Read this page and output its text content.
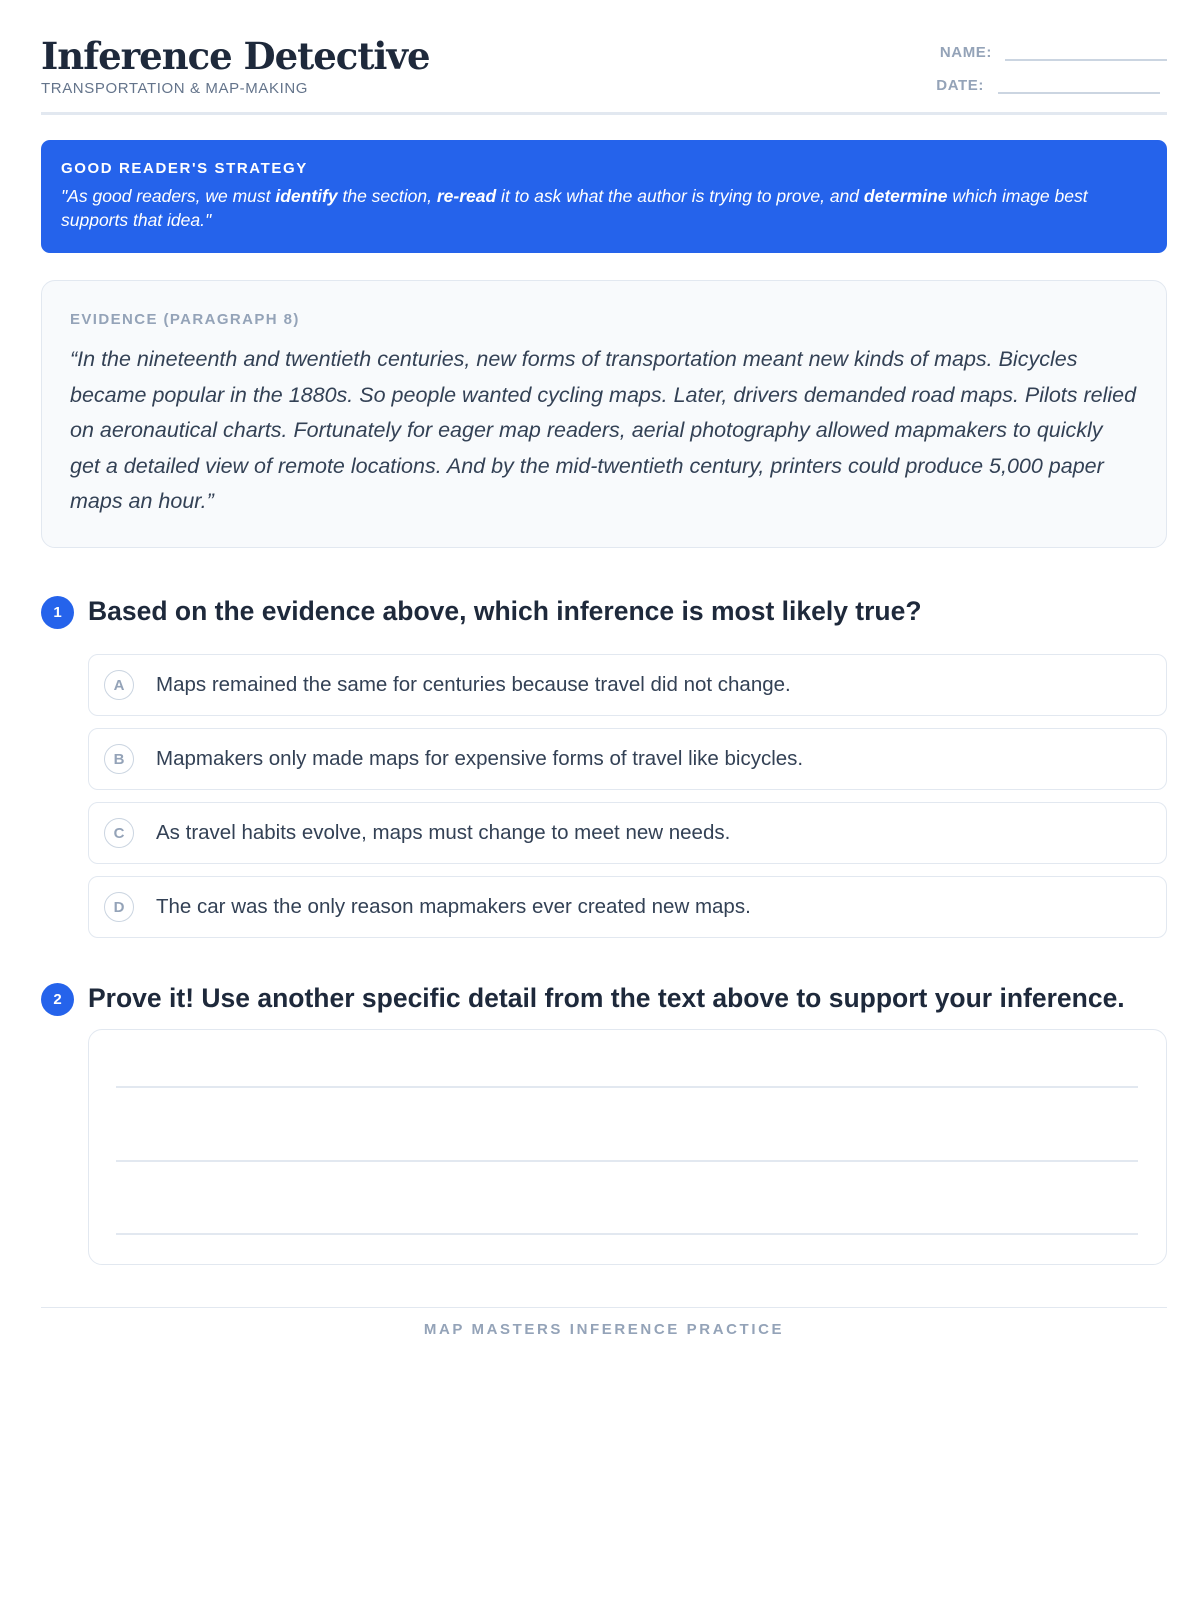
Inference Detective
TRANSPORTATION & MAP-MAKING
NAME:
DATE:
GOOD READER'S STRATEGY
"As good readers, we must identify the section, re-read it to ask what the author is trying to prove, and determine which image best supports that idea."
EVIDENCE (PARAGRAPH 8)
“In the nineteenth and twentieth centuries, new forms of transportation meant new kinds of maps. Bicycles became popular in the 1880s. So people wanted cycling maps. Later, drivers demanded road maps. Pilots relied on aeronautical charts. Fortunately for eager map readers, aerial photography allowed mapmakers to quickly get a detailed view of remote locations. And by the mid-twentieth century, printers could produce 5,000 paper maps an hour.”
1 Based on the evidence above, which inference is most likely true?
A	Maps remained the same for centuries because travel did not change.
B	Mapmakers only made maps for expensive forms of travel like bicycles.
C	As travel habits evolve, maps must change to meet new needs.
D	The car was the only reason mapmakers ever created new maps.
2 Prove it! Use another specific detail from the text above to support your inference.
MAP MASTERS INFERENCE PRACTICE
